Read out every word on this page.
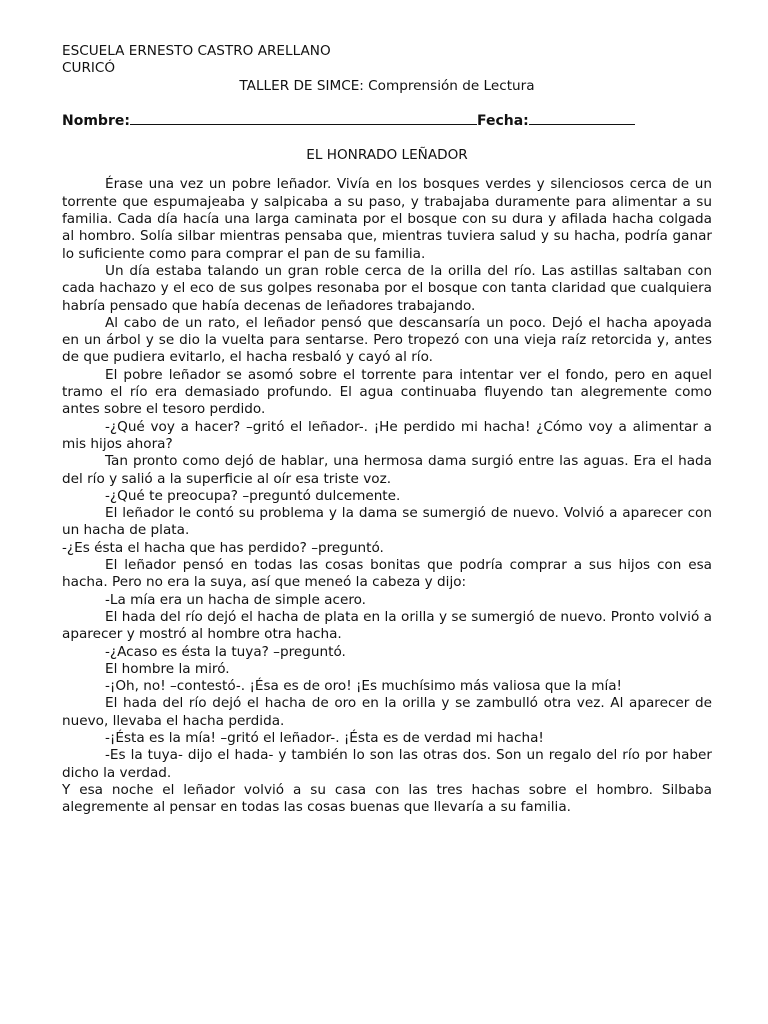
ESCUELA ERNESTO CASTRO ARELLANO

CURICÓ

TALLER DE SIMCE: Comprensión de Lectura

Nombre:	Fecha:

EL HONRADO LEÑADOR

Érase una vez un pobre leñador. Vivía en los bosques verdes y silenciosos cerca de un torrente que espumajeaba y salpicaba a su paso, y trabajaba duramente para alimentar a su familia. Cada día hacía una larga caminata por el bosque con su dura y afilada hacha colgada al hombro. Solía silbar mientras pensaba que, mientras tuviera salud y su hacha, podría ganar lo suficiente como para comprar el pan de su familia.

Un día estaba talando un gran roble cerca de la orilla del río. Las astillas saltaban con cada hachazo y el eco de sus golpes resonaba por el bosque con tanta claridad que cualquiera habría pensado que había decenas de leñadores trabajando.

Al cabo de un rato, el leñador pensó que descansaría un poco. Dejó el hacha apoyada en un árbol y se dio la vuelta para sentarse. Pero tropezó con una vieja raíz retorcida y, antes de que pudiera evitarlo, el hacha resbaló y cayó al río.

El pobre leñador se asomó sobre el torrente para intentar ver el fondo, pero en aquel tramo el río era demasiado profundo. El agua continuaba fluyendo tan alegremente como antes sobre el tesoro perdido.

-¿Qué voy a hacer? –gritó el leñador-. ¡He perdido mi hacha! ¿Cómo voy a alimentar a mis hijos ahora?

Tan pronto como dejó de hablar, una hermosa dama surgió entre las aguas. Era el hada del río y salió a la superficie al oír esa triste voz.

-¿Qué te preocupa? –preguntó dulcemente.

El leñador le contó su problema y la dama se sumergió de nuevo. Volvió a aparecer con un hacha de plata.

-¿Es ésta el hacha que has perdido? –preguntó.

El leñador pensó en todas las cosas bonitas que podría comprar a sus hijos con esa hacha. Pero no era la suya, así que meneó la cabeza y dijo:

-La mía era un hacha de simple acero.

El hada del río dejó el hacha de plata en la orilla y se sumergió de nuevo. Pronto volvió a aparecer y mostró al hombre otra hacha.

-¿Acaso es ésta la tuya? –preguntó.

El hombre la miró.

-¡Oh, no! –contestó-. ¡Ésa es de oro! ¡Es muchísimo más valiosa que la mía!

El hada del río dejó el hacha de oro en la orilla y se zambulló otra vez. Al aparecer de nuevo, llevaba el hacha perdida.

-¡Ésta es la mía! –gritó el leñador-. ¡Ésta es de verdad mi hacha!

-Es la tuya- dijo el hada- y también lo son las otras dos. Son un regalo del río por haber dicho la verdad.

Y esa noche el leñador volvió a su casa con las tres hachas sobre el hombro. Silbaba alegremente al pensar en todas las cosas buenas que llevaría a su familia.
